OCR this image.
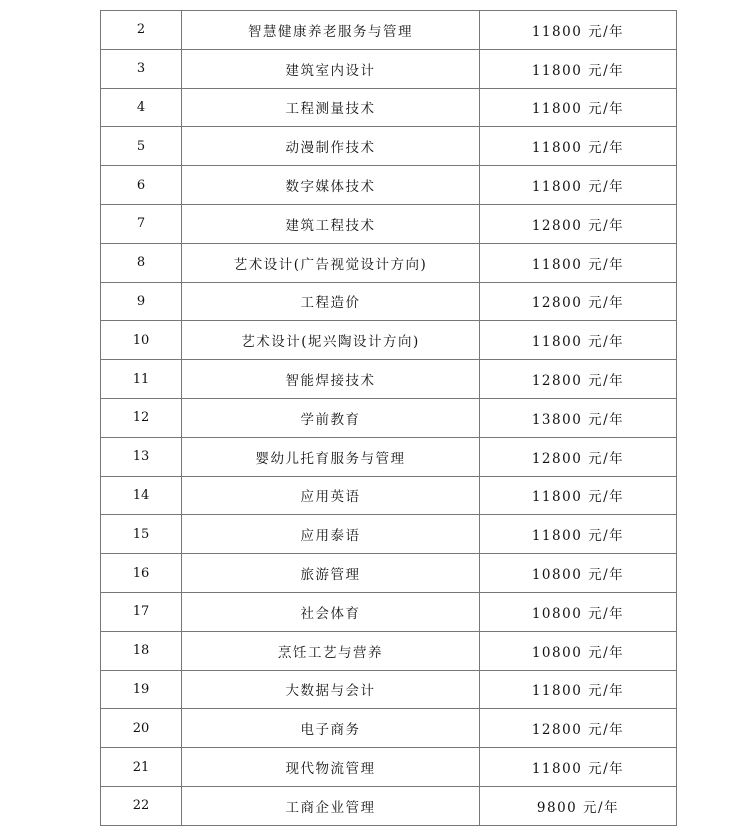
2	智慧健康养老服务与管理	11800 元/年
3	建筑室内设计	11800 元/年
4	工程测量技术	11800 元/年
5	动漫制作技术	11800 元/年
6	数字媒体技术	11800 元/年
7	建筑工程技术	12800 元/年
8	艺术设计(广告视觉设计方向)	11800 元/年
9	工程造价	12800 元/年
10	艺术设计(坭兴陶设计方向)	11800 元/年
11	智能焊接技术	12800 元/年
12	学前教育	13800 元/年
13	婴幼儿托育服务与管理	12800 元/年
14	应用英语	11800 元/年
15	应用泰语	11800 元/年
16	旅游管理	10800 元/年
17	社会体育	10800 元/年
18	烹饪工艺与营养	10800 元/年
19	大数据与会计	11800 元/年
20	电子商务	12800 元/年
21	现代物流管理	11800 元/年
22	工商企业管理	9800 元/年
